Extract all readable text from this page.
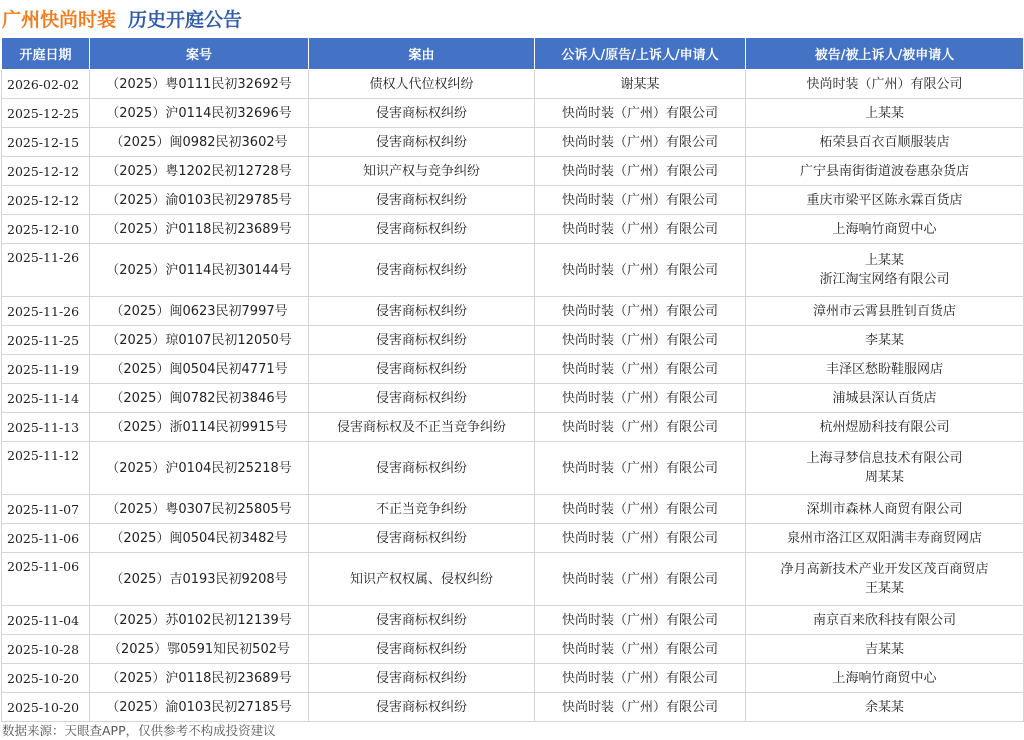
广州快尚时装 历史开庭公告
开庭日期	案号	案由	公诉人/原告/上诉人/申请人	被告/被上诉人/被申请人
2026-02-02	（2025）粤0111民初32692号	债权人代位权纠纷	谢某某	快尚时装（广州）有限公司
2025-12-25	（2025）沪0114民初32696号	侵害商标权纠纷	快尚时装（广州）有限公司	上某某
2025-12-15	（2025）闽0982民初3602号	侵害商标权纠纷	快尚时装（广州）有限公司	柘荣县百衣百顺服装店
2025-12-12	（2025）粤1202民初12728号	知识产权与竞争纠纷	快尚时装（广州）有限公司	广宁县南街街道波卷惠杂货店
2025-12-12	（2025）渝0103民初29785号	侵害商标权纠纷	快尚时装（广州）有限公司	重庆市梁平区陈永霖百货店
2025-12-10	（2025）沪0118民初23689号	侵害商标权纠纷	快尚时装（广州）有限公司	上海响竹商贸中心
2025-11-26	（2025）沪0114民初30144号	侵害商标权纠纷	快尚时装（广州）有限公司	上某某
浙江淘宝网络有限公司
2025-11-26	（2025）闽0623民初7997号	侵害商标权纠纷	快尚时装（广州）有限公司	漳州市云霄县胜钊百货店
2025-11-25	（2025）琼0107民初12050号	侵害商标权纠纷	快尚时装（广州）有限公司	李某某
2025-11-19	（2025）闽0504民初4771号	侵害商标权纠纷	快尚时装（广州）有限公司	丰泽区愁盼鞋服网店
2025-11-14	（2025）闽0782民初3846号	侵害商标权纠纷	快尚时装（广州）有限公司	浦城县深认百货店
2025-11-13	（2025）浙0114民初9915号	侵害商标权及不正当竞争纠纷	快尚时装（广州）有限公司	杭州煜励科技有限公司
2025-11-12	（2025）沪0104民初25218号	侵害商标权纠纷	快尚时装（广州）有限公司	上海寻梦信息技术有限公司
周某某
2025-11-07	（2025）粤0307民初25805号	不正当竞争纠纷	快尚时装（广州）有限公司	深圳市森林人商贸有限公司
2025-11-06	（2025）闽0504民初3482号	侵害商标权纠纷	快尚时装（广州）有限公司	泉州市洛江区双阳满丰寿商贸网店
2025-11-06	（2025）吉0193民初9208号	知识产权权属、侵权纠纷	快尚时装（广州）有限公司	净月高新技术产业开发区茂百商贸店
王某某
2025-11-04	（2025）苏0102民初12139号	侵害商标权纠纷	快尚时装（广州）有限公司	南京百来欣科技有限公司
2025-10-28	（2025）鄂0591知民初502号	侵害商标权纠纷	快尚时装（广州）有限公司	吉某某
2025-10-20	（2025）沪0118民初23689号	侵害商标权纠纷	快尚时装（广州）有限公司	上海响竹商贸中心
2025-10-20	（2025）渝0103民初27185号	侵害商标权纠纷	快尚时装（广州）有限公司	余某某
数据来源：天眼查APP，仅供参考不构成投资建议
